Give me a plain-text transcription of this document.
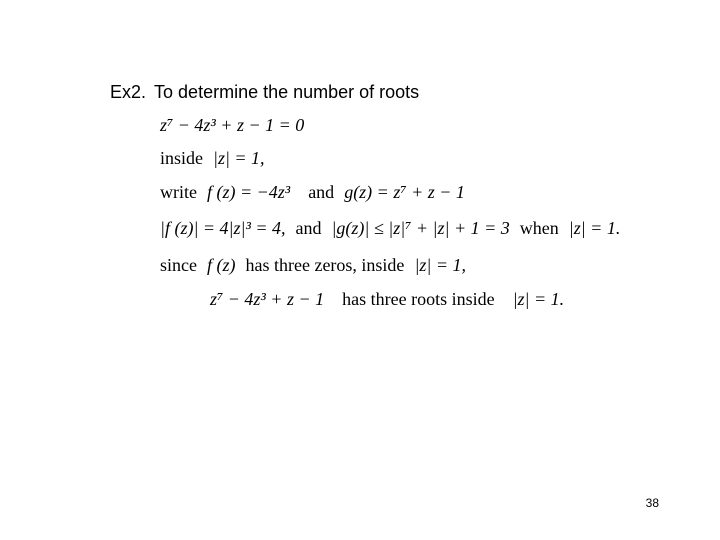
Ex2. To determine the number of roots
z⁷ − 4z³ + z − 1 = 0
inside |z| = 1,
write f (z) = −4z³ and g(z) = z⁷ + z − 1
|f (z)| = 4|z|³ = 4, and |g(z)| ≤ |z|⁷ + |z| + 1 = 3 when |z| = 1.
since f (z) has three zeros, inside |z| = 1,
z⁷ − 4z³ + z − 1 has three roots inside |z| = 1.
38
